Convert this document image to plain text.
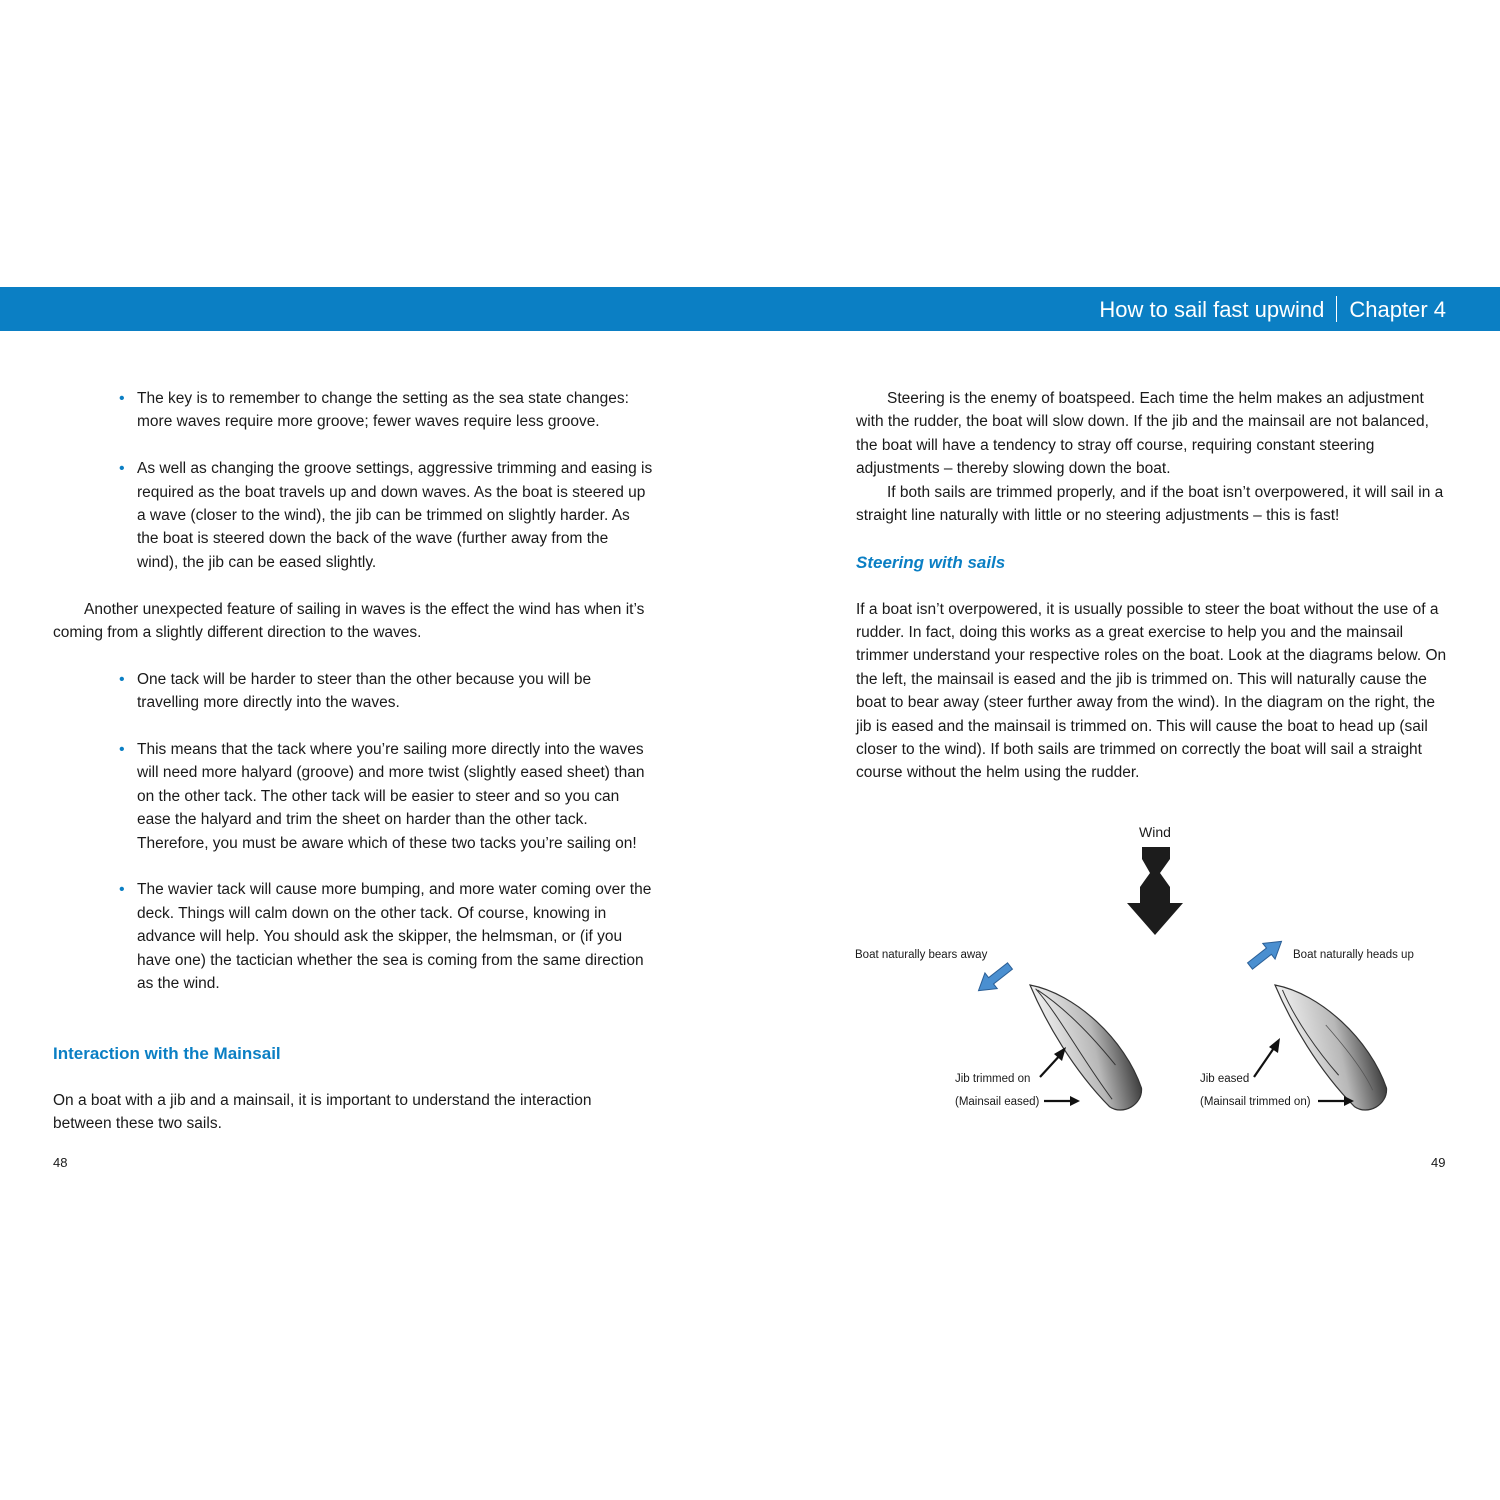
How to sail fast upwind Chapter 4
• The key is to remember to change the setting as the sea state changes: more waves require more groove; fewer waves require less groove.
• As well as changing the groove settings, aggressive trimming and easing is required as the boat travels up and down waves. As the boat is steered up a wave (closer to the wind), the jib can be trimmed on slightly harder. As the boat is steered down the back of the wave (further away from the wind), the jib can be eased slightly.

Another unexpected feature of sailing in waves is the effect the wind has when it’s coming from a slightly different direction to the waves.

• One tack will be harder to steer than the other because you will be travelling more directly into the waves.
• This means that the tack where you’re sailing more directly into the waves will need more halyard (groove) and more twist (slightly eased sheet) than on the other tack. The other tack will be easier to steer and so you can ease the halyard and trim the sheet on harder than the other tack. Therefore, you must be aware which of these two tacks you’re sailing on!
• The wavier tack will cause more bumping, and more water coming over the deck. Things will calm down on the other tack. Of course, knowing in advance will help. You should ask the skipper, the helmsman, or (if you have one) the tactician whether the sea is coming from the same direction as the wind.

Interaction with the Mainsail

On a boat with a jib and a mainsail, it is important to understand the interaction between these two sails.

48

Steering is the enemy of boatspeed. Each time the helm makes an adjustment with the rudder, the boat will slow down. If the jib and the mainsail are not balanced, the boat will have a tendency to stray off course, requiring constant steering adjustments – thereby slowing down the boat.

If both sails are trimmed properly, and if the boat isn’t overpowered, it will sail in a straight line naturally with little or no steering adjustments – this is fast!

Steering with sails

If a boat isn’t overpowered, it is usually possible to steer the boat without the use of a rudder. In fact, doing this works as a great exercise to help you and the mainsail trimmer understand your respective roles on the boat. Look at the diagrams below. On the left, the mainsail is eased and the jib is trimmed on. This will naturally cause the boat to bear away (steer further away from the wind). In the diagram on the right, the jib is eased and the mainsail is trimmed on. This will cause the boat to head up (sail closer to the wind). If both sails are trimmed on correctly the boat will sail a straight course without the helm using the rudder.

Wind
Boat naturally bears away	Boat naturally heads up
Jib trimmed on
(Mainsail eased)
Jib eased
(Mainsail trimmed on)
49
